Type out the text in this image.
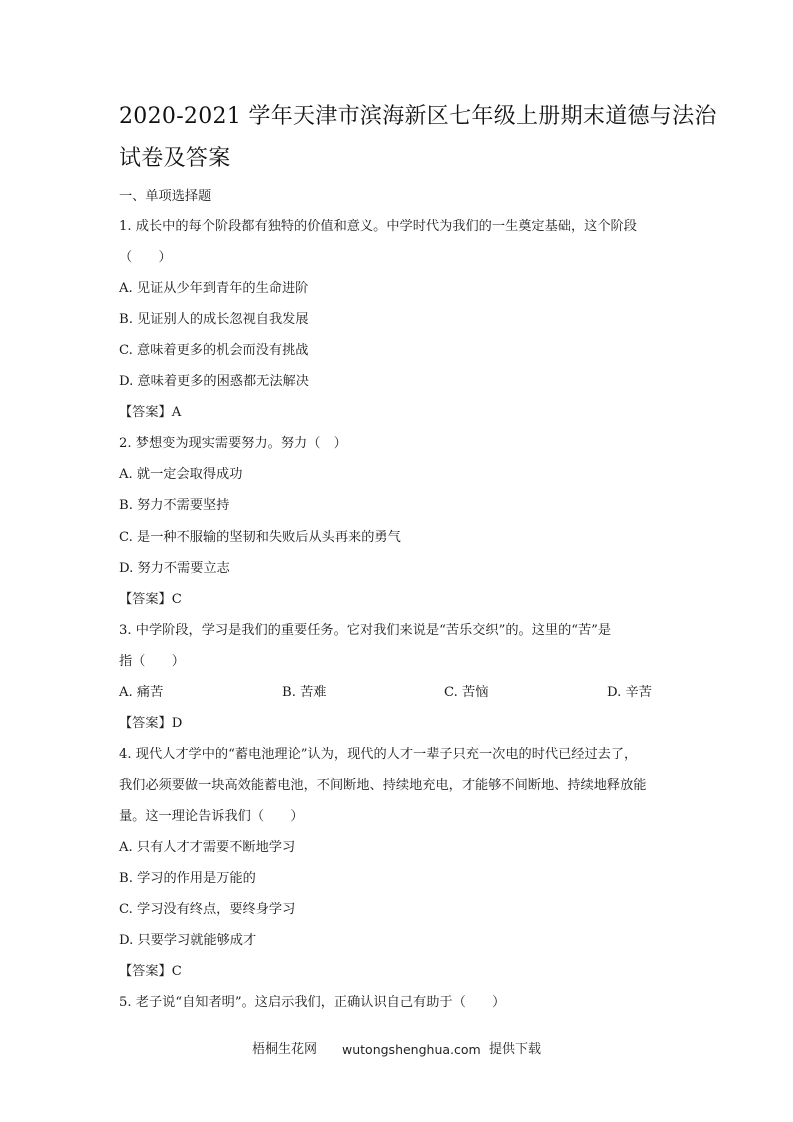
2020-2021 学年天津市滨海新区七年级上册期末道德与法治
试卷及答案
一、单项选择题
1. 成长中的每个阶段都有独特的价值和意义。中学时代为我们的一生奠定基础，这个阶段
（　　）
A. 见证从少年到青年的生命进阶
B. 见证别人的成长忽视自我发展
C. 意味着更多的机会而没有挑战
D. 意味着更多的困惑都无法解决
【答案】A
2. 梦想变为现实需要努力。努力（　）
A. 就一定会取得成功
B. 努力不需要坚持
C. 是一种不服输的坚韧和失败后从头再来的勇气
D. 努力不需要立志
【答案】C
3. 中学阶段，学习是我们的重要任务。它对我们来说是“苦乐交织”的。这里的“苦”是
指（　　）
A. 痛苦	B. 苦难	C. 苦恼	D. 辛苦
【答案】D
4. 现代人才学中的“蓄电池理论”认为，现代的人才一辈子只充一次电的时代已经过去了，
我们必须要做一块高效能蓄电池，不间断地、持续地充电，才能够不间断地、持续地释放能
量。这一理论告诉我们（　　）
A. 只有人才才需要不断地学习
B. 学习的作用是万能的
C. 学习没有终点，要终身学习
D. 只要学习就能够成才
【答案】C
5. 老子说“自知者明”。这启示我们，正确认识自己有助于（　　）
梧桐生花网 wutongshenghua.com 提供下载
